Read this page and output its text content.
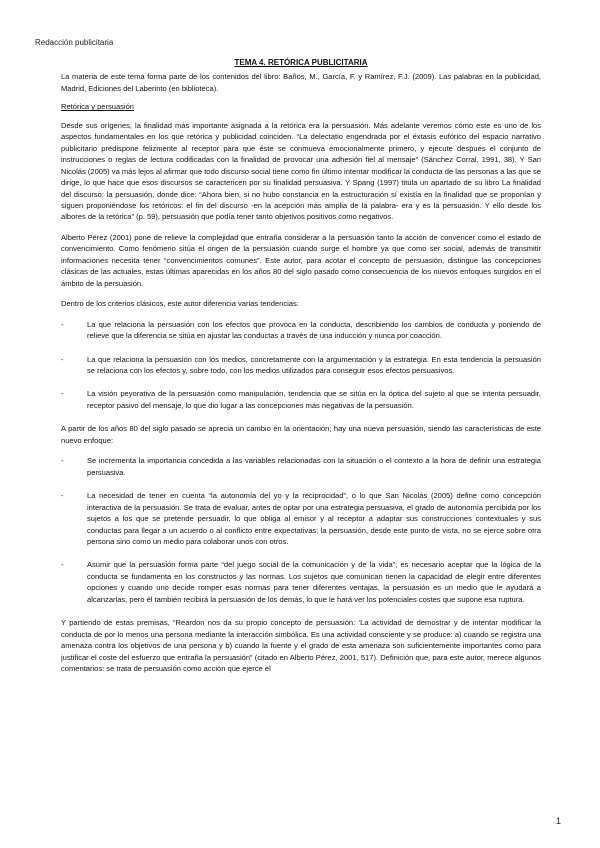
Redacción publicitaria
TEMA 4. RETÓRICA PUBLICITARIA

La materia de este tema forma parte de los contenidos del libro: Baños, M., García, F. y Ramírez, F.J. (2009). Las palabras en la publicidad, Madrid, Ediciones del Laberinto (en biblioteca).

Retórica y persuasión

Desde sus orígenes, la finalidad más importante asignada a la retórica era la persuasión. Más adelante veremos cómo este es uno de los aspectos fundamentales en los que retórica y publicidad coinciden. “La delectatio engendrada por el éxtasis eufórico del espacio narrativo publicitario predispone felizmente al receptor para que éste se conmueva emocionalmente primero, y ejecute después el conjunto de instrucciones o reglas de lectura codificadas con la finalidad de provocar una adhesión fiel al mensaje” (Sánchez Corral, 1991, 38). Y San Nicolás (2005) va más lejos al afirmar que todo discurso social tiene como fin último intentar modificar la conducta de las personas a las que se dirige, lo que hace que esos discursos se caractericen por su finalidad persuasiva. Y Spang (1997) titula un apartado de su libro La finalidad del discurso: la persuasión, donde dice: “Ahora bien, si no hubo constancia en la estructuración sí existía en la finalidad que se proponían y siguen proponiéndose los retóricos: el fin del discurso -en la acepción más amplia de la palabra- era y es la persuasión. Y ello desde los albores de la retórica” (p. 59), persuasión que podía tener tanto objetivos positivos como negativos.

Alberto Pérez (2001) pone de relieve la complejidad que entraña considerar a la persuasión tanto la acción de convencer como el estado de convencimiento. Como fenómeno sitúa el origen de la persuasión cuando surge el hombre ya que como ser social, además de transmitir informaciones necesita tener “convencimientos comunes”. Este autor, para acotar el concepto de persuasión, distingue las concepciones clásicas de las actuales, estas últimas aparecidas en los años 80 del siglo pasado como consecuencia de los nuevos enfoques surgidos en el ámbito de la persuasión.

Dentro de los criterios clásicos, este autor diferencia varias tendencias:

-	La que relaciona la persuasión con los efectos que provoca en la conducta, describiendo los cambios de conducta y poniendo de relieve que la diferencia se sitúa en ajustar las conductas a través de una inducción y nunca por coacción.
-	La que relaciona la persuasión con los medios, concretamente con la argumentación y la estrategia. En esta tendencia la persuasión se relaciona con los efectos y, sobre todo, con los medios utilizados para conseguir esos efectos persuasivos.
-	La visión peyorativa de la persuasión como manipulación, tendencia que se sitúa en la óptica del sujeto al que se intenta persuadir, receptor pasivo del mensaje, lo que dio lugar a las concepciones más negativas de la persuasión.

A partir de los años 80 del siglo pasado se aprecia un cambio en la orientación; hay una nueva persuasión, siendo las características de este nuevo enfoque:

-	Se incrementa la importancia concedida a las variables relacionadas con la situación o el contexto a la hora de definir una estrategia persuasiva.
-	La necesidad de tener en cuenta “la autonomía del yo y la reciprocidad”, o lo que San Nicolás (2005) define como concepción interactiva de la persuasión. Se trata de evaluar, antes de optar por una estrategia persuasiva, el grado de autonomía percibida por los sujetos a los que se pretende persuadir, lo que obliga al emisor y al receptor a adaptar sus construcciones contextuales y sus conductas para llegar a un acuerdo o al conflicto entre expectativas; la persuasión, desde este punto de vista, no se ejerce sobre otra persona sino como un medio para colaborar unos con otros.
-	Asumir que la persuasión forma parte “del juego social de la comunicación y de la vida”; es necesario aceptar que la lógica de la conducta se fundamenta en los constructos y las normas. Los sujetos que comunican tienen la capacidad de elegir entre diferentes opciones y cuando uno decide romper esas normas para tener diferentes ventajas, la persuasión es un medio que le ayudará a alcanzarlas, pero él también recibirá la persuasión de los demás, lo que le hará ver los potenciales costes que supone esa ruptura.

Y partiendo de estas premisas, “Reardon nos da su propio concepto de persuasión: ‘La actividad de demostrar y de intentar modificar la conducta de por lo menos una persona mediante la interacción simbólica. Es una actividad consciente y se produce: a) cuando se registra una amenaza contra los objetivos de una persona y b) cuando la fuente y el grado de esta amenaza son suficientemente importantes como para justificar el coste del esfuerzo que entraña la persuasión” (citado en Alberto Pérez, 2001, 517). Definición que, para este autor, merece algunos comentarios: se trata de persuasión como acción que ejerce el

1
